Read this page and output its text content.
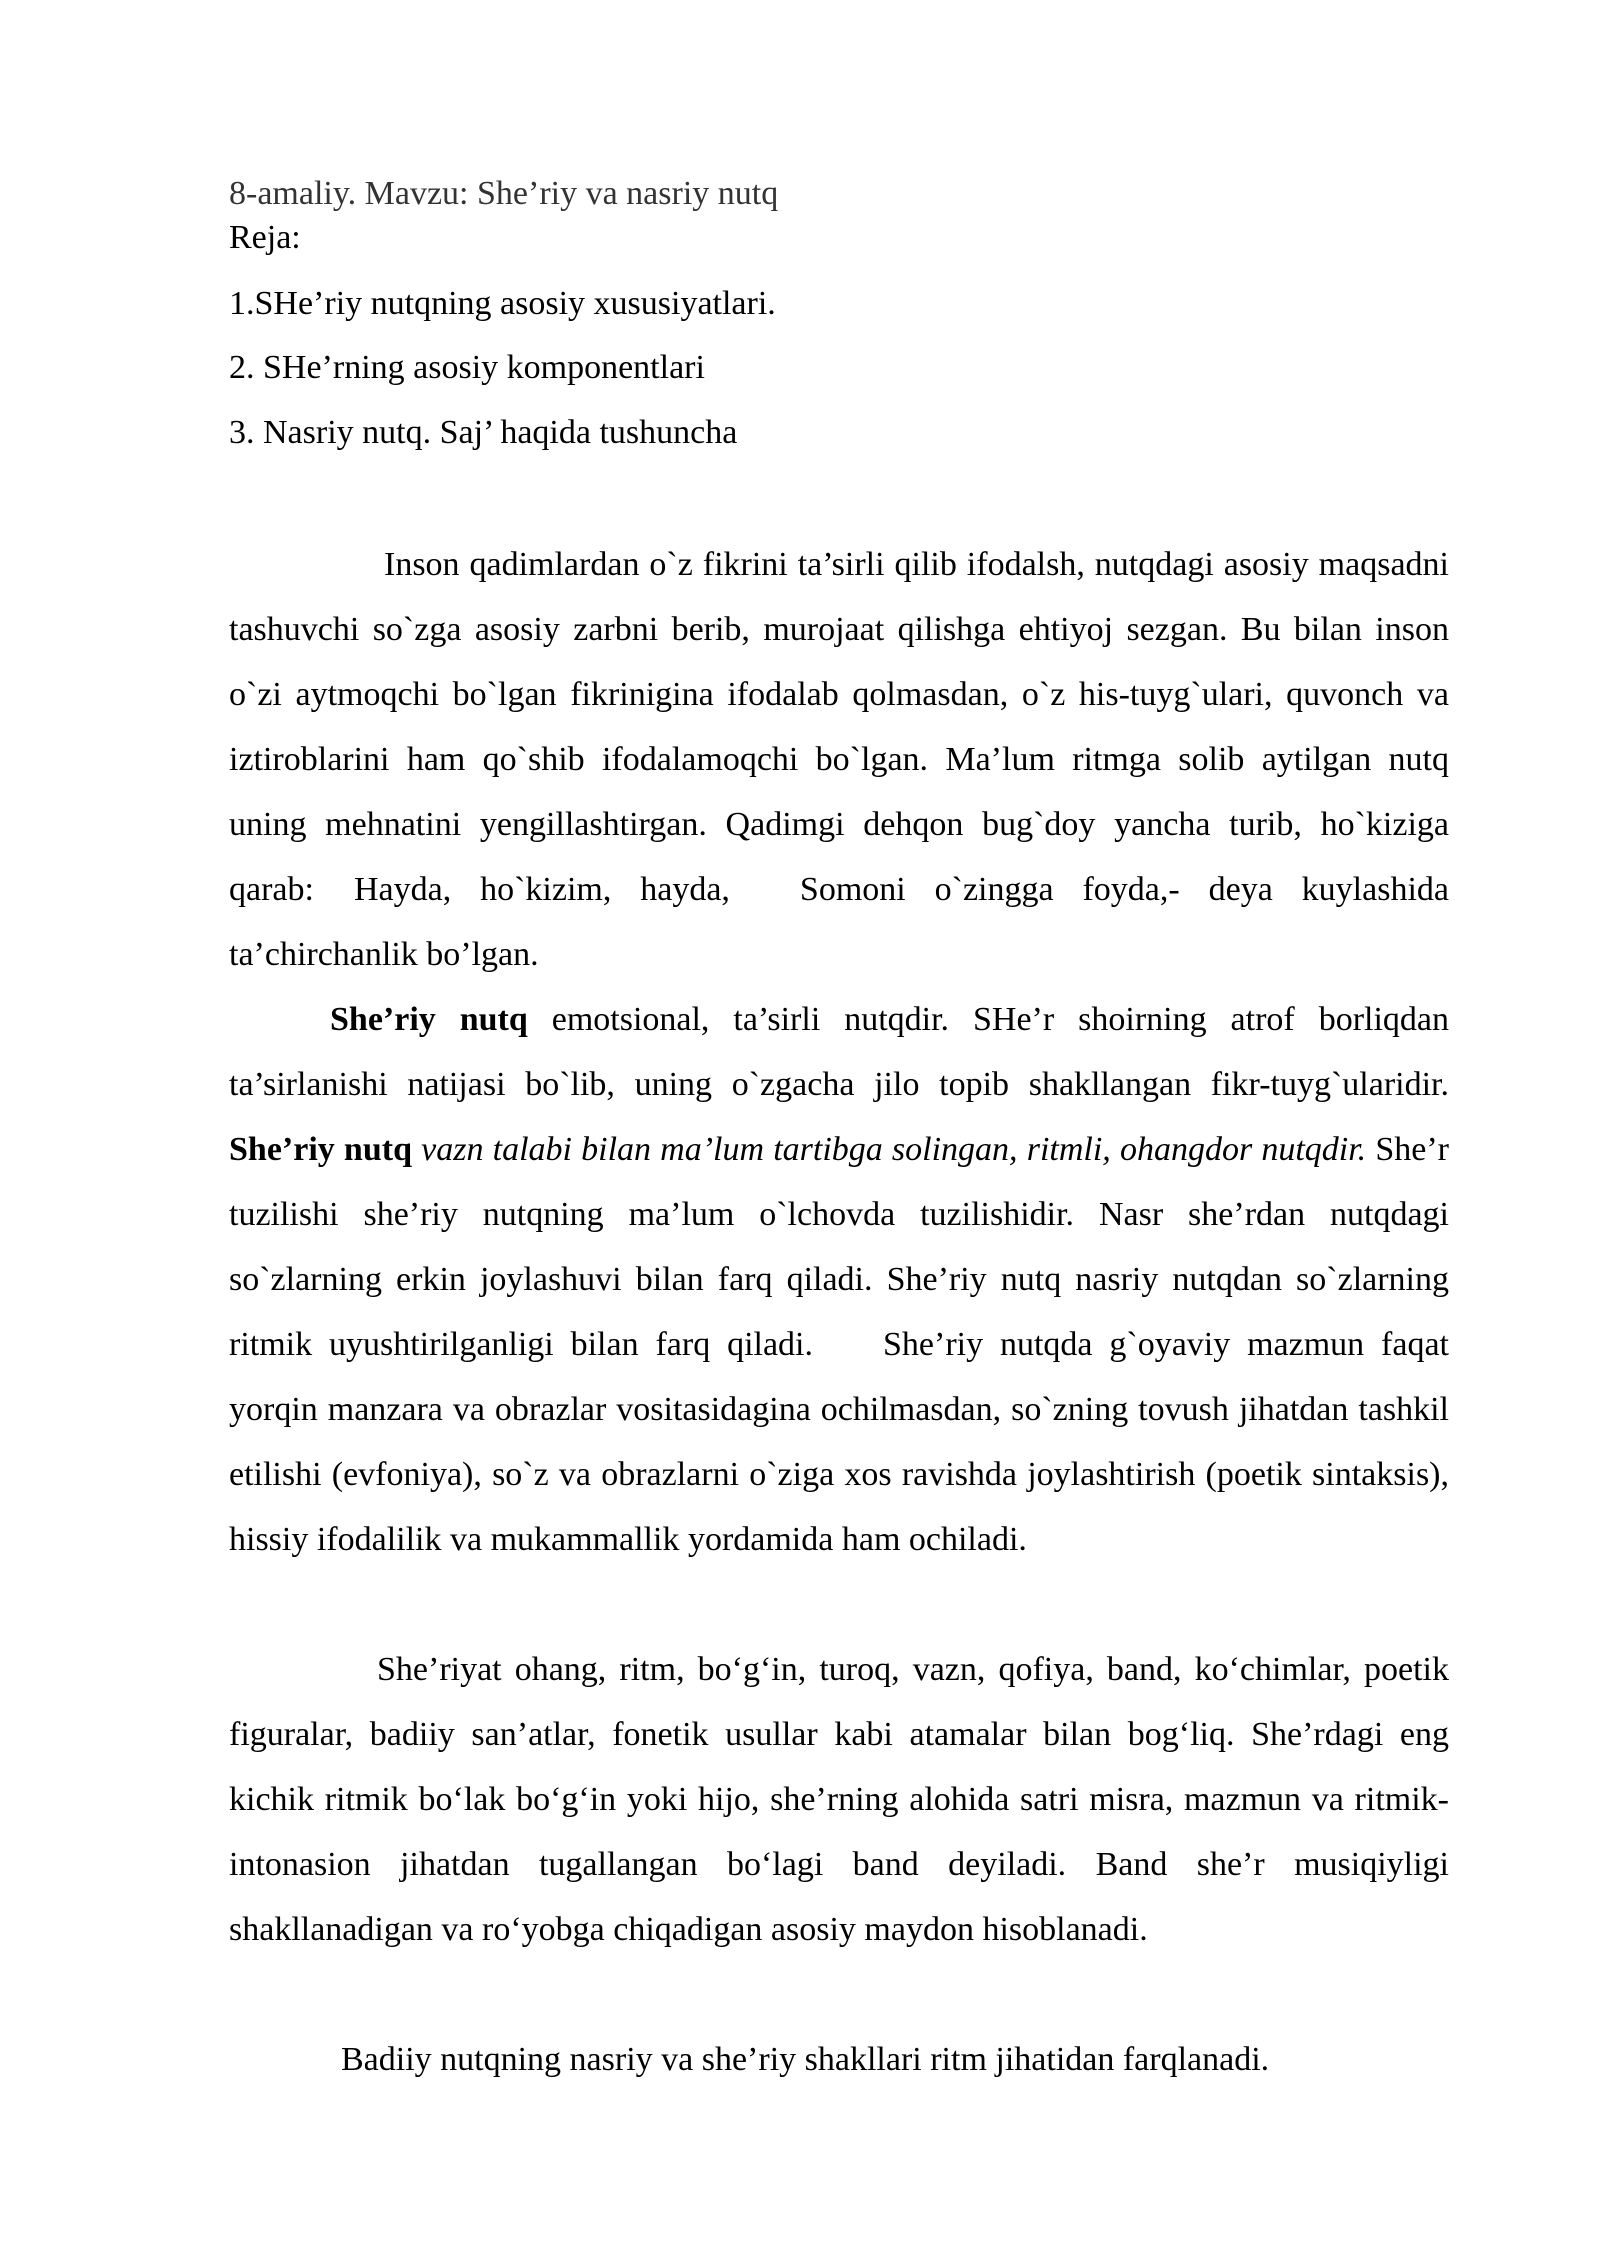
8-amaliy. Mavzu: She’riy va nasriy nutq
Reja:
1.SHe’riy nutqning asosiy xususiyatlari.
2. SHe’rning asosiy komponentlari
3. Nasriy nutq. Saj’ haqida tushuncha

Inson qadimlardan o`z fikrini ta’sirli qilib ifodalsh, nutqdagi asosiy maqsadni tashuvchi so`zga asosiy zarbni berib, murojaat qilishga ehtiyoj sezgan. Bu bilan inson o`zi aytmoqchi bo`lgan fikrinigina ifodalab qolmasdan, o`z his-tuyg`ulari, quvonch va iztiroblarini ham qo`shib ifodalamoqchi bo`lgan. Ma’lum ritmga solib aytilgan nutq uning mehnatini yengillashtirgan. Qadimgi dehqon bug`doy yancha turib, ho`kiziga qarab: Hayda, ho`kizim, hayda, Somoni o`zingga foyda,- deya kuylashida ta’chirchanlik bo’lgan.

She’riy nutq emotsional, ta’sirli nutqdir. SHe’r shoirning atrof borliqdan ta’sirlanishi natijasi bo`lib, uning o`zgacha jilo topib shakllangan fikr-tuyg`ularidir. She’riy nutq vazn talabi bilan ma’lum tartibga solingan, ritmli, ohangdor nutqdir. She’r tuzilishi she’riy nutqning ma’lum o`lchovda tuzilishidir. Nasr she’rdan nutqdagi so`zlarning erkin joylashuvi bilan farq qiladi. She’riy nutq nasriy nutqdan so`zlarning ritmik uyushtirilganligi bilan farq qiladi. She’riy nutqda g`oyaviy mazmun faqat yorqin manzara va obrazlar vositasidagina ochilmasdan, so`zning tovush jihatdan tashkil etilishi (evfoniya), so`z va obrazlarni o`ziga xos ravishda joylashtirish (poetik sintaksis), hissiy ifodalilik va mukammallik yordamida ham ochiladi.

She’riyat ohang, ritm, bo‘g‘in, turoq, vazn, qofiya, band, ko‘chimlar, poetik figuralar, badiiy san’atlar, fonetik usullar kabi atamalar bilan bog‘liq. She’rdagi eng kichik ritmik bo‘lak bo‘g‘in yoki hijo, she’rning alohida satri misra, mazmun va ritmik-intonasion jihatdan tugallangan bo‘lagi band deyiladi. Band she’r musiqiyligi shakllanadigan va ro‘yobga chiqadigan asosiy maydon hisoblanadi.

Badiiy nutqning nasriy va she’riy shakllari ritm jihatidan farqlanadi.
